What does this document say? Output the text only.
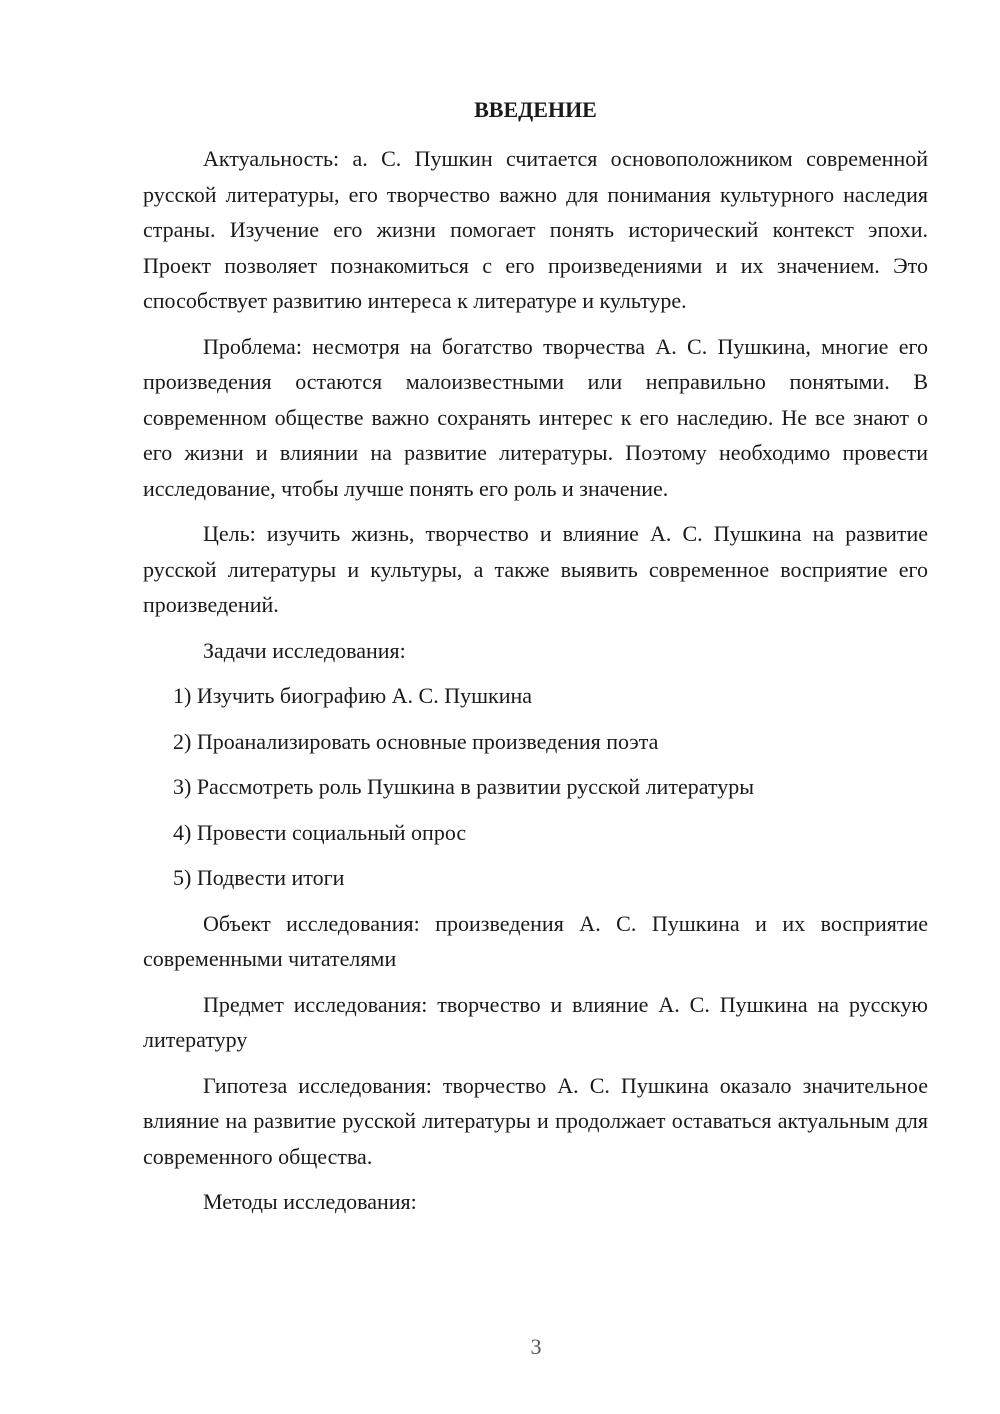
ВВЕДЕНИЕ

Актуальность: а. С. Пушкин считается основоположником современной русской литературы, его творчество важно для понимания культурного наследия страны. Изучение его жизни помогает понять исторический контекст эпохи. Проект позволяет познакомиться с его произведениями и их значением. Это способствует развитию интереса к литературе и культуре.

Проблема: несмотря на богатство творчества А. С. Пушкина, многие его произведения остаются малоизвестными или неправильно понятыми. В современном обществе важно сохранять интерес к его наследию. Не все знают о его жизни и влиянии на развитие литературы. Поэтому необходимо провести исследование, чтобы лучше понять его роль и значение.

Цель: изучить жизнь, творчество и влияние А. С. Пушкина на развитие русской литературы и культуры, а также выявить современное восприятие его произведений.

Задачи исследования:

1) Изучить биографию А. С. Пушкина

2) Проанализировать основные произведения поэта

3) Рассмотреть роль Пушкина в развитии русской литературы

4) Провести социальный опрос

5) Подвести итоги

Объект исследования: произведения А. С. Пушкина и их восприятие современными читателями

Предмет исследования: творчество и влияние А. С. Пушкина на русскую литературу

Гипотеза исследования: творчество А. С. Пушкина оказало значительное влияние на развитие русской литературы и продолжает оставаться актуальным для современного общества.

Методы исследования:

3
